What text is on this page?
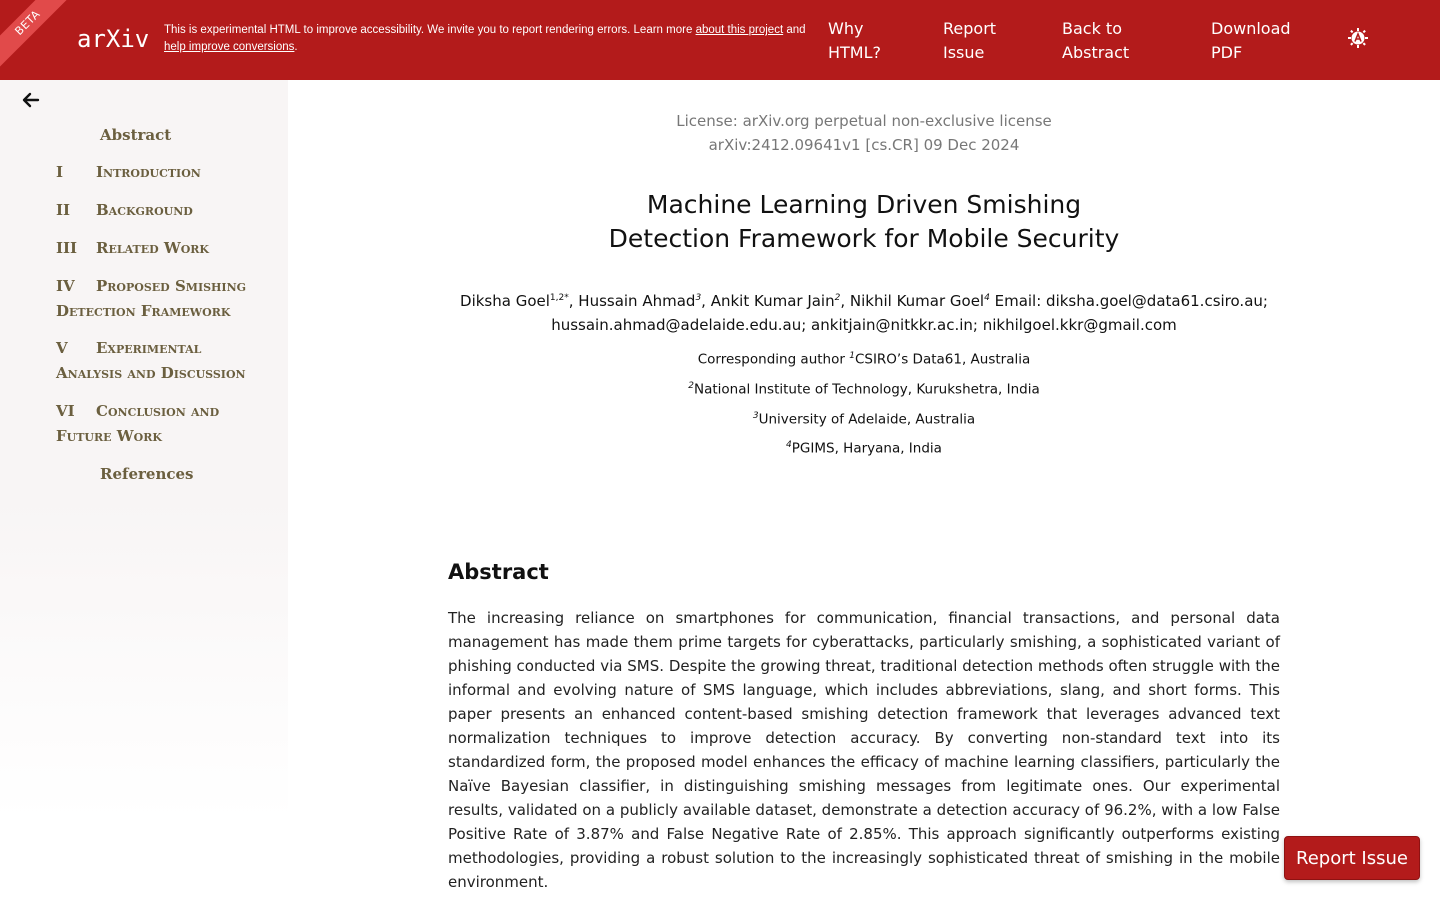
BETA
arXiv This is experimental HTML to improve accessibility. We invite you to report rendering errors. Learn more about this project and
help improve conversions.
Why
HTML?
Report
Issue
Back to
Abstract
Download
PDF
Abstract
I Introduction
II Background
III Related Work
IV Proposed Smishing
Detection Framework
V Experimental
Analysis and Discussion
VI Conclusion and
Future Work
References
License: arXiv.org perpetual non-exclusive license
arXiv:2412.09641v1 [cs.CR] 09 Dec 2024
Machine Learning Driven Smishing
Detection Framework for Mobile Security
Diksha Goel$^{1,2*}$, Hussain Ahmad$^3$, Ankit Kumar Jain$^2$, Nikhil Kumar Goel$^4$ Email: diksha.goel@data61.csiro.au;
hussain.ahmad@adelaide.edu.au; ankitjain@nitkkr.ac.in; nikhilgoel.kkr@gmail.com
Corresponding author $^1$CSIRO’s Data61, Australia
$^2$National Institute of Technology, Kurukshetra, India
$^3$University of Adelaide, Australia
$^4$PGIMS, Haryana, India
Abstract

The increasing reliance on smartphones for communication, financial transactions, and personal data management has made them prime targets for cyberattacks, particularly smishing, a sophisticated variant of phishing conducted via SMS. Despite the growing threat, traditional detection methods often struggle with the informal and evolving nature of SMS language, which includes abbreviations, slang, and short forms. This paper presents an enhanced content-based smishing detection framework that leverages advanced text normalization techniques to improve detection accuracy. By converting non-standard text into its standardized form, the proposed model enhances the efficacy of machine learning classifiers, particularly the Naïve Bayesian classifier, in distinguishing smishing messages from legitimate ones. Our experimental results, validated on a publicly available dataset, demonstrate a detection accuracy of 96.2%, with a low False Positive Rate of 3.87% and False Negative Rate of 2.85%. This approach significantly outperforms existing methodologies, providing a robust solution to the increasingly sophisticated threat of smishing in the mobile environment.

Report Issue
